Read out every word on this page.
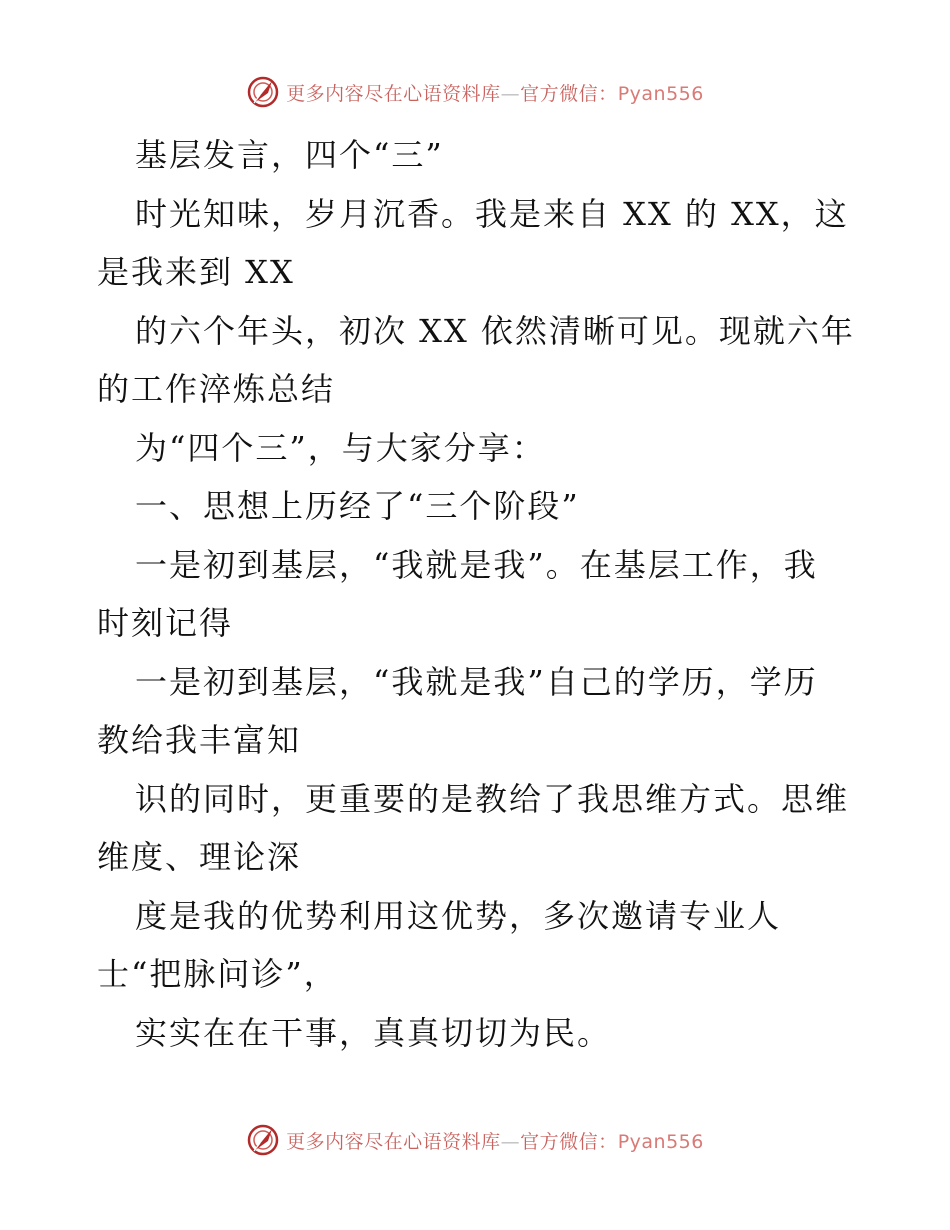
更多内容尽在心语资料库—官方微信：Pyan556
基层发言，四个“三”
时光知味，岁月沉香。我是来自 XX 的 XX，这
是我来到 XX
的六个年头，初次 XX 依然清晰可见。现就六年
的工作淬炼总结
为“四个三”，与大家分享：
一、思想上历经了“三个阶段”
一是初到基层，“我就是我”。在基层工作，我
时刻记得
一是初到基层，“我就是我”自己的学历，学历
教给我丰富知
识的同时，更重要的是教给了我思维方式。思维
维度、理论深
度是我的优势利用这优势，多次邀请专业人
士“把脉问诊”，
实实在在干事，真真切切为民。
更多内容尽在心语资料库—官方微信：Pyan556
